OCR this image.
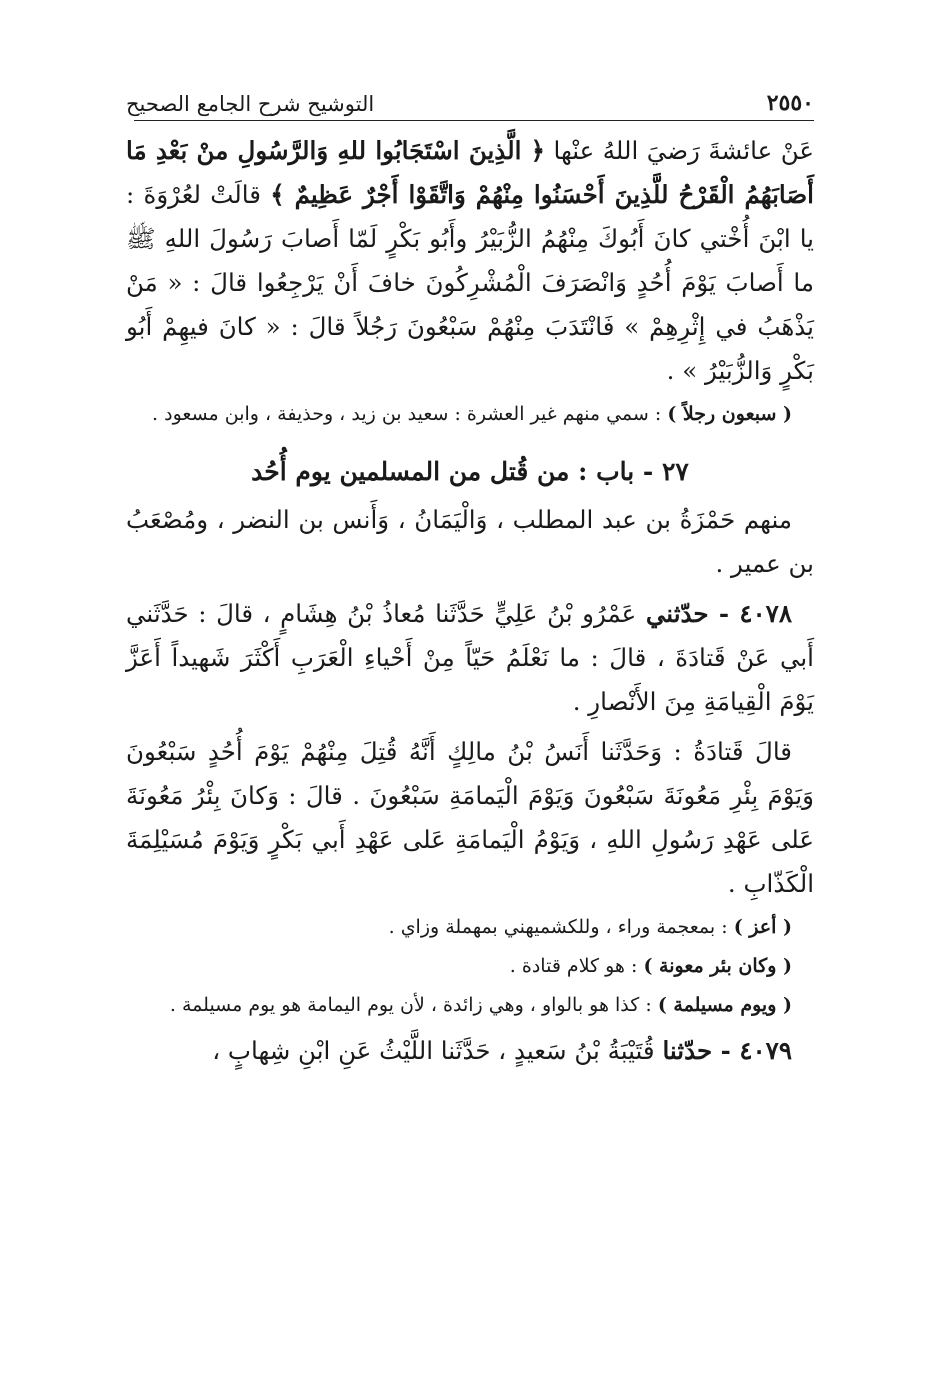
٢٥٥٠
التوشيح شرح الجامع الصحيح

عَنْ عائشةَ رَضيَ اللهُ عنْها ﴿ الَّذِينَ اسْتَجَابُوا للهِ وَالرَّسُولِ منْ بَعْدِ مَا أَصَابَهُمُ الْقَرْحُ للَّذِينَ أَحْسَنُوا مِنْهُمْ وَاتَّقَوْا أَجْرٌ عَظِيمٌ ﴾ قالَتْ لعُرْوَةَ : يا ابْنَ أُخْتي كانَ أَبُوكَ مِنْهُمُ الزُّبَيْرُ وأَبُو بَكْرٍ لَمّا أَصابَ رَسُولَ اللهِ ﷺ ما أَصابَ يَوْمَ أُحُدٍ وَانْصَرَفَ الْمُشْرِكُونَ خافَ أَنْ يَرْجِعُوا قالَ : « مَنْ يَذْهَبُ في إِثْرِهِمْ » فَانْتَدَبَ مِنْهُمْ سَبْعُونَ رَجُلاً قالَ : « كانَ فيهِمْ أَبُو بَكْرٍ وَالزُّبَيْرُ » .

( سبعون رجلاً ) : سمي منهم غير العشرة : سعيد بن زيد ، وحذيفة ، وابن مسعود .

٢٧ - باب : من قُتل من المسلمين يوم أُحُد

منهم حَمْزَةُ بن عبد المطلب ، وَالْيَمَانُ ، وَأَنس بن النضر ، ومُصْعَبُ بن عمير .

٤٠٧٨ - حدّثني عَمْرُو بْنُ عَلِيٍّ حَدَّثَنا مُعاذُ بْنُ هِشَامٍ ، قالَ : حَدَّثَني أَبي عَنْ قَتادَةَ ، قالَ : ما نَعْلَمُ حَيّاً مِنْ أَحْياءِ الْعَرَبِ أَكْثَرَ شَهيداً أَعَزَّ يَوْمَ الْقِيامَةِ مِنَ الأَنْصارِ .

قالَ قَتادَةُ : وَحَدَّثَنا أَنَسُ بْنُ مالِكٍ أَنَّهُ قُتِلَ مِنْهُمْ يَوْمَ أُحُدٍ سَبْعُونَ وَيَوْمَ بِئْرِ مَعُونَةَ سَبْعُونَ وَيَوْمَ الْيَمامَةِ سَبْعُونَ . قالَ : وَكانَ بِئْرُ مَعُونَةَ عَلى عَهْدِ رَسُولِ اللهِ ، وَيَوْمُ الْيَمامَةِ عَلى عَهْدِ أَبي بَكْرٍ وَيَوْمَ مُسَيْلِمَةَ الْكَذّابِ .

( أعز ) : بمعجمة وراء ، وللكشميهني بمهملة وزاي .

( وكان بئر معونة ) : هو كلام قتادة .

( ويوم مسيلمة ) : كذا هو بالواو ، وهي زائدة ، لأن يوم اليمامة هو يوم مسيلمة .

٤٠٧٩ - حدّثنا قُتَيْبَةُ بْنُ سَعيدٍ ، حَدَّثَنا اللَّيْثُ عَنِ ابْنِ شِهابٍ ،
